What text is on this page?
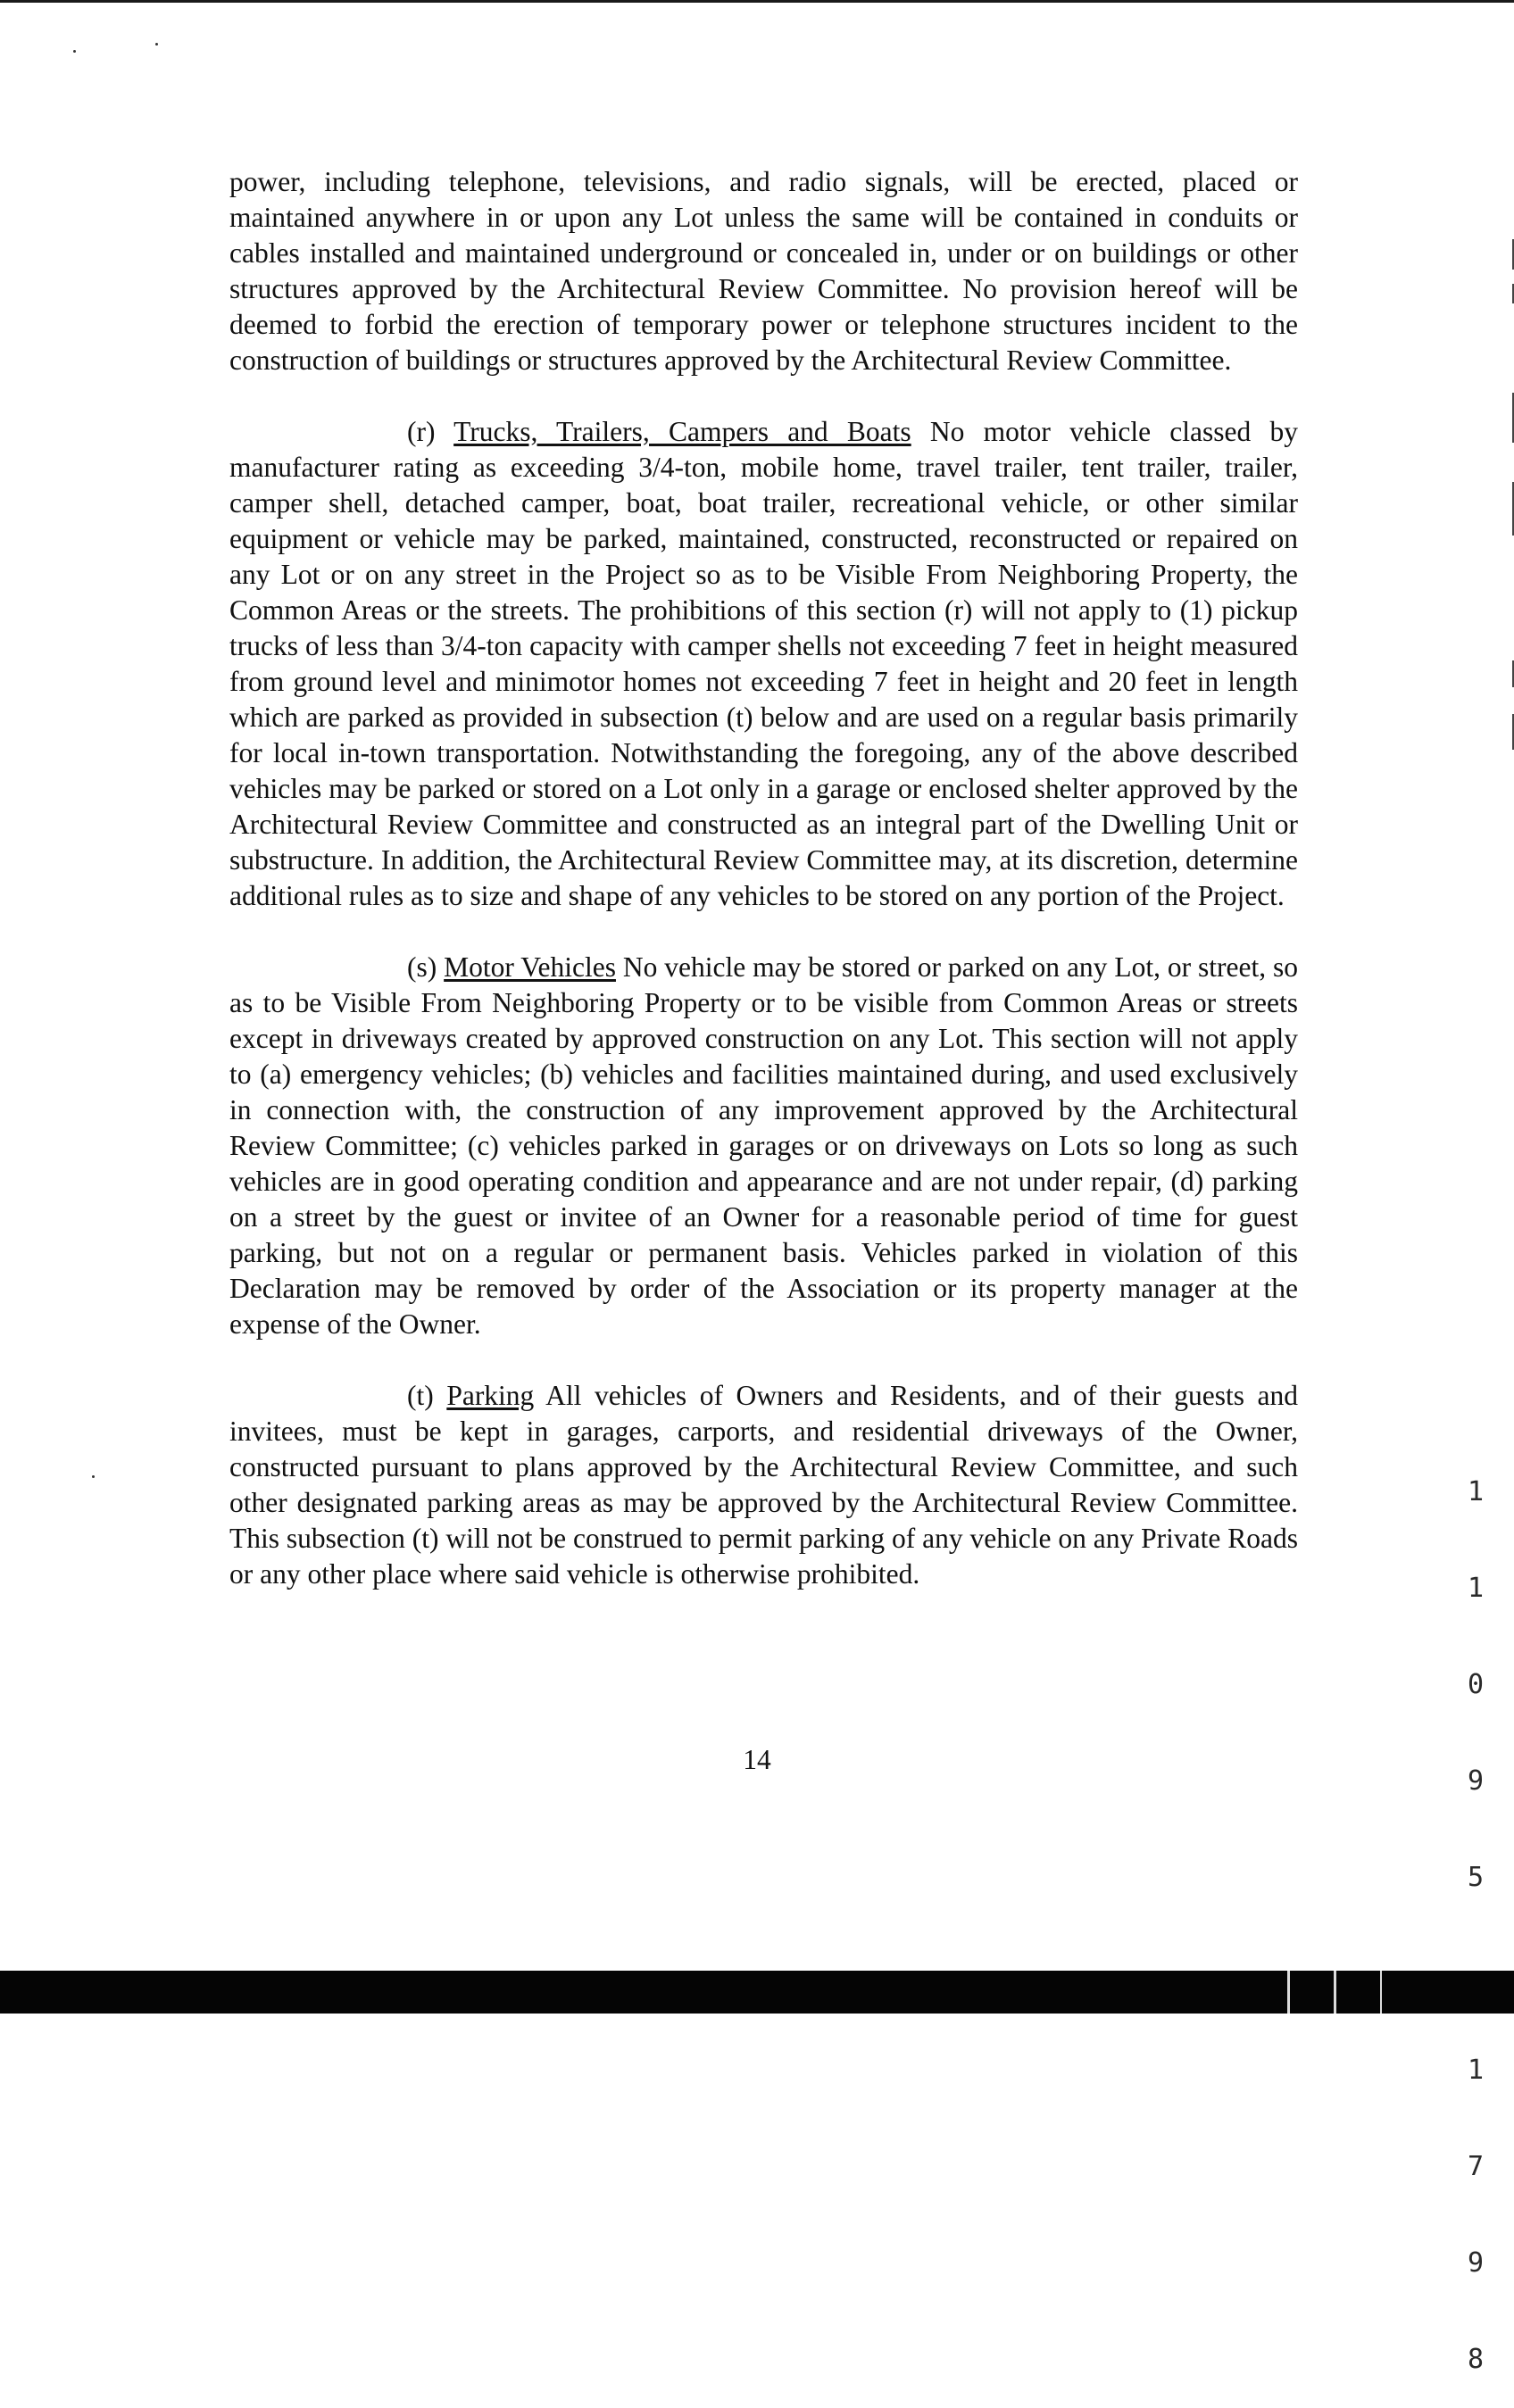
power, including telephone, televisions, and radio signals, will be erected, placed or maintained anywhere in or upon any Lot unless the same will be contained in conduits or cables installed and maintained underground or concealed in, under or on buildings or other structures approved by the Architectural Review Committee. No provision hereof will be deemed to forbid the erection of temporary power or telephone structures incident to the construction of buildings or structures approved by the Architectural Review Committee.

(r) Trucks, Trailers, Campers and Boats No motor vehicle classed by manufacturer rating as exceeding 3/4-ton, mobile home, travel trailer, tent trailer, trailer, camper shell, detached camper, boat, boat trailer, recreational vehicle, or other similar equipment or vehicle may be parked, maintained, constructed, reconstructed or repaired on any Lot or on any street in the Project so as to be Visible From Neighboring Property, the Common Areas or the streets. The prohibitions of this section (r) will not apply to (1) pickup trucks of less than 3/4-ton capacity with camper shells not exceeding 7 feet in height measured from ground level and minimotor homes not exceeding 7 feet in height and 20 feet in length which are parked as provided in subsection (t) below and are used on a regular basis primarily for local in-town transportation. Notwithstanding the foregoing, any of the above described vehicles may be parked or stored on a Lot only in a garage or enclosed shelter approved by the Architectural Review Committee and constructed as an integral part of the Dwelling Unit or substructure. In addition, the Architectural Review Committee may, at its discretion, determine additional rules as to size and shape of any vehicles to be stored on any portion of the Project.

(s) Motor Vehicles No vehicle may be stored or parked on any Lot, or street, so as to be Visible From Neighboring Property or to be visible from Common Areas or streets except in driveways created by approved construction on any Lot. This section will not apply to (a) emergency vehicles; (b) vehicles and facilities maintained during, and used exclusively in connection with, the construction of any improvement approved by the Architectural Review Committee; (c) vehicles parked in garages or on driveways on Lots so long as such vehicles are in good operating condition and appearance and are not under repair, (d) parking on a street by the guest or invitee of an Owner for a reasonable period of time for guest parking, but not on a regular or permanent basis. Vehicles parked in violation of this Declaration may be removed by order of the Association or its property manager at the expense of the Owner.

(t) Parking All vehicles of Owners and Residents, and of their guests and invitees, must be kept in garages, carports, and residential driveways of the Owner, constructed pursuant to plans approved by the Architectural Review Committee, and such other designated parking areas as may be approved by the Architectural Review Committee. This subsection (t) will not be construed to permit parking of any vehicle on any Private Roads or any other place where said vehicle is otherwise prohibited.

14

1

1

0

9

5

1

7

9

8
